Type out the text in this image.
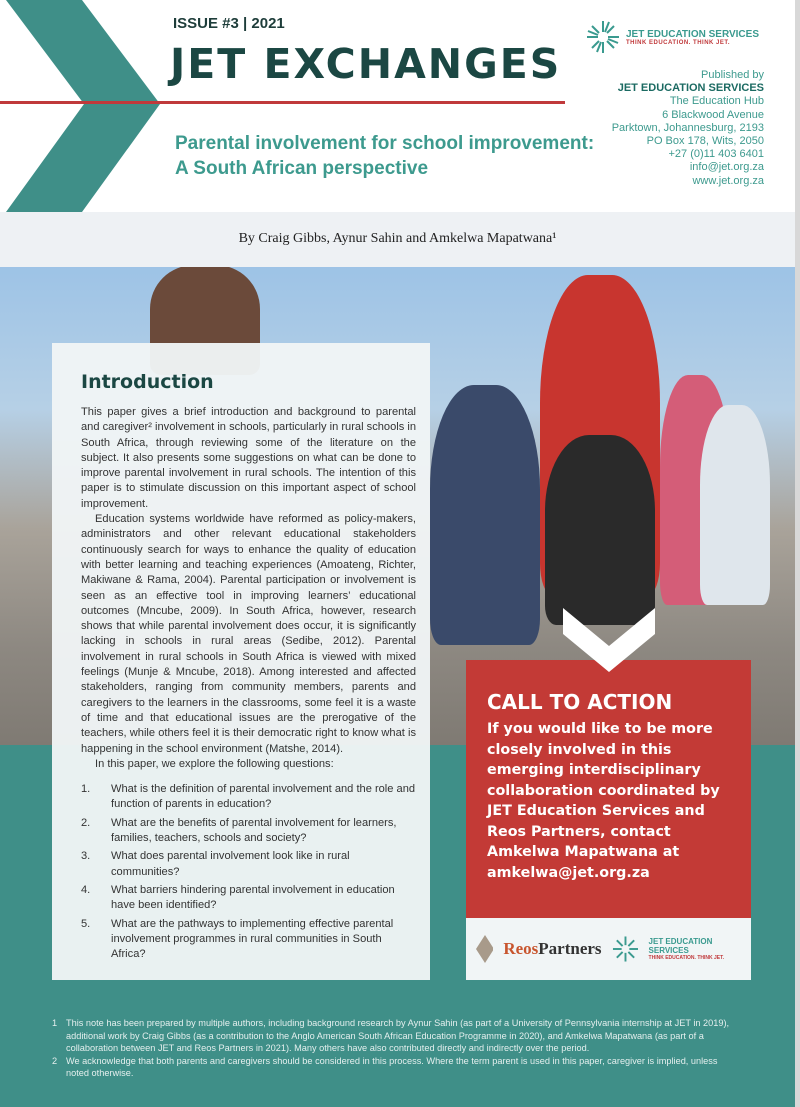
ISSUE #3 | 2021
JET EXCHANGES
Parental involvement for school improvement: A South African perspective
JET EDUCATION SERVICES
THINK EDUCATION. THINK JET.
Published by
JET EDUCATION SERVICES
The Education Hub
6 Blackwood Avenue
Parktown, Johannesburg, 2193
PO Box 178, Wits, 2050
+27 (0)11 403 6401
info@jet.org.za
www.jet.org.za
By Craig Gibbs, Aynur Sahin and Amkelwa Mapatwana¹
Introduction

This paper gives a brief introduction and background to parental and caregiver² involvement in schools, particularly in rural schools in South Africa, through reviewing some of the literature on the subject. It also presents some suggestions on what can be done to improve parental involvement in rural schools. The intention of this paper is to stimulate discussion on this important aspect of school improvement.

Education systems worldwide have reformed as policy-makers, administrators and other relevant educational stakeholders continuously search for ways to enhance the quality of education with better learning and teaching experiences (Amoateng, Richter, Makiwane & Rama, 2004). Parental participation or involvement is seen as an effective tool in improving learners’ educational outcomes (Mncube, 2009). In South Africa, however, research shows that while parental involvement does occur, it is significantly lacking in schools in rural areas (Sedibe, 2012). Parental involvement in rural schools in South Africa is viewed with mixed feelings (Munje & Mncube, 2018). Among interested and affected stakeholders, ranging from community members, parents and caregivers to the learners in the classrooms, some feel it is a waste of time and that educational issues are the prerogative of the teachers, while others feel it is their democratic right to know what is happening in the school environment (Matshe, 2014).

In this paper, we explore the following questions:

1.	What is the definition of parental involvement and the role and function of parents in education?
2.	What are the benefits of parental involvement for learners, families, teachers, schools and society?
3.	What does parental involvement look like in rural communities?
4.	What barriers hindering parental involvement in education have been identified?
5.	What are the pathways to implementing effective parental involvement programmes in rural communities in South Africa?
CALL TO ACTION

If you would like to be more closely involved in this emerging interdisciplinary collaboration coordinated by JET Education Services and Reos Partners, contact Amkelwa Mapatwana at amkelwa@jet.org.za

ReosPartners	JET EDUCATION SERVICES
THINK EDUCATION. THINK JET.
1 This note has been prepared by multiple authors, including background research by Aynur Sahin (as part of a University of Pennsylvania internship at JET in 2019), additional work by Craig Gibbs (as a contribution to the Anglo American South African Education Programme in 2020), and Amkelwa Mapatwana (as part of a collaboration between JET and Reos Partners in 2021). Many others have also contributed directly and indirectly over the period.
2 We acknowledge that both parents and caregivers should be considered in this process. Where the term parent is used in this paper, caregiver is implied, unless noted otherwise.
